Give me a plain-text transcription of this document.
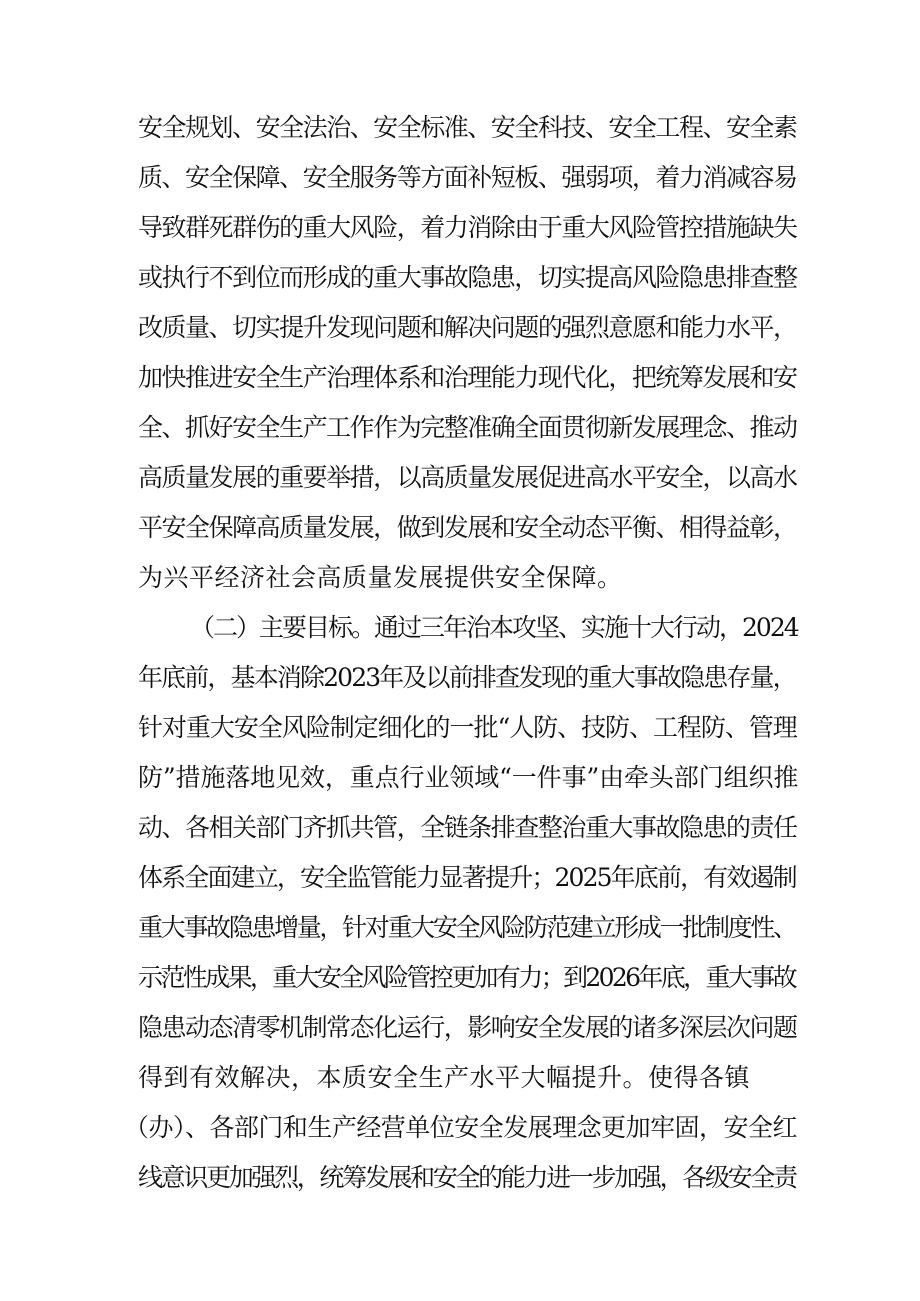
安全规划、安全法治、安全标准、安全科技、安全工程、安全素
质、安全保障、安全服务等方面补短板、强弱项，着力消减容易
导致群死群伤的重大风险，着力消除由于重大风险管控措施缺失
或执行不到位而形成的重大事故隐患，切实提高风险隐患排查整
改质量、切实提升发现问题和解决问题的强烈意愿和能力水平，
加快推进安全生产治理体系和治理能力现代化，把统筹发展和安
全、抓好安全生产工作作为完整准确全面贯彻新发展理念、推动
高质量发展的重要举措，以高质量发展促进高水平安全，以高水
平安全保障高质量发展，做到发展和安全动态平衡、相得益彰，
为兴平经济社会高质量发展提供安全保障。
（二）主要目标。通过三年治本攻坚、实施十大行动，2024
年底前，基本消除2023年及以前排查发现的重大事故隐患存量，
针对重大安全风险制定细化的一批“人防、技防、工程防、管理
防”措施落地见效，重点行业领域“一件事”由牵头部门组织推
动、各相关部门齐抓共管，全链条排查整治重大事故隐患的责任
体系全面建立，安全监管能力显著提升；2025年底前，有效遏制
重大事故隐患增量，针对重大安全风险防范建立形成一批制度性、
示范性成果，重大安全风险管控更加有力；到2026年底，重大事故
隐患动态清零机制常态化运行，影响安全发展的诸多深层次问题
得到有效解决，本质安全生产水平大幅提升。使得各镇
（办）、各部门和生产经营单位安全发展理念更加牢固，安全红
线意识更加强烈，统筹发展和安全的能力进一步加强，各级安全责
